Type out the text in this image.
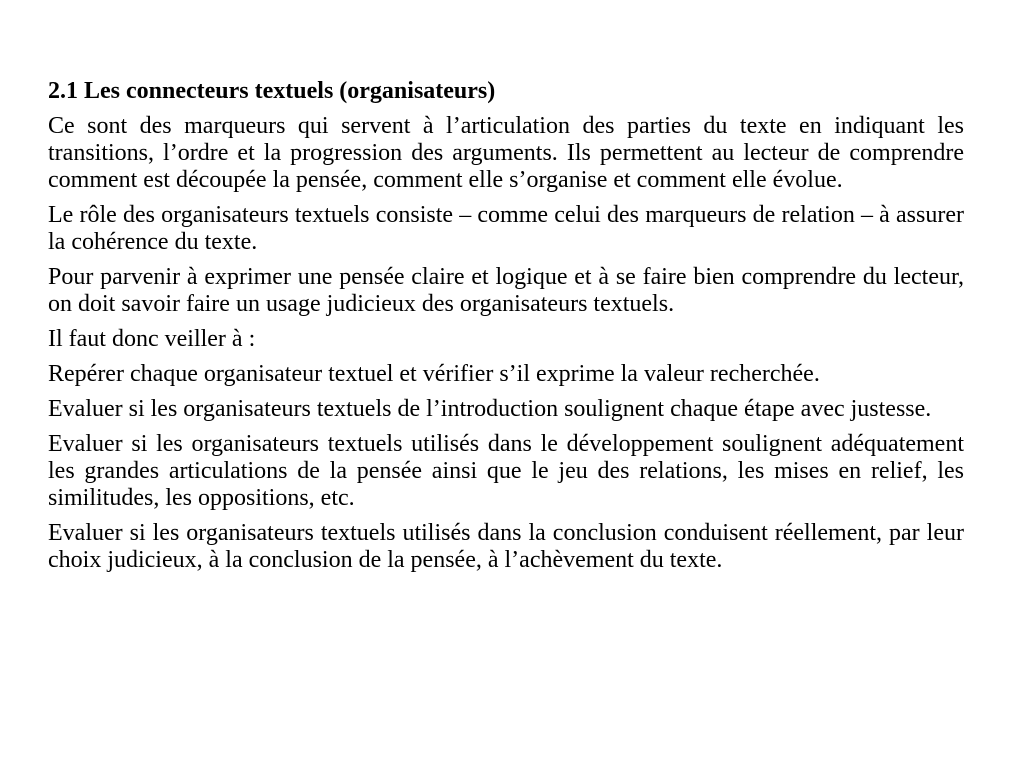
2.1 Les connecteurs textuels (organisateurs)

Ce sont des marqueurs qui servent à l’articulation des parties du texte en indiquant les transitions, l’ordre et la progression des arguments. Ils permettent au lecteur de comprendre comment est découpée la pensée, comment elle s’organise et comment elle évolue.

Le rôle des organisateurs textuels consiste – comme celui des marqueurs de relation – à assurer la cohérence du texte.

Pour parvenir à exprimer une pensée claire et logique et à se faire bien comprendre du lecteur, on doit savoir faire un usage judicieux des organisateurs textuels.

Il faut donc veiller à :

Repérer chaque organisateur textuel et vérifier s’il exprime la valeur recherchée.

Evaluer si les organisateurs textuels de l’introduction soulignent chaque étape avec justesse.

Evaluer si les organisateurs textuels utilisés dans le développement soulignent adéquatement les grandes articulations de la pensée ainsi que le jeu des relations, les mises en relief, les similitudes, les oppositions, etc.

Evaluer si les organisateurs textuels utilisés dans la conclusion conduisent réellement, par leur choix judicieux, à la conclusion de la pensée, à l’achèvement du texte.
